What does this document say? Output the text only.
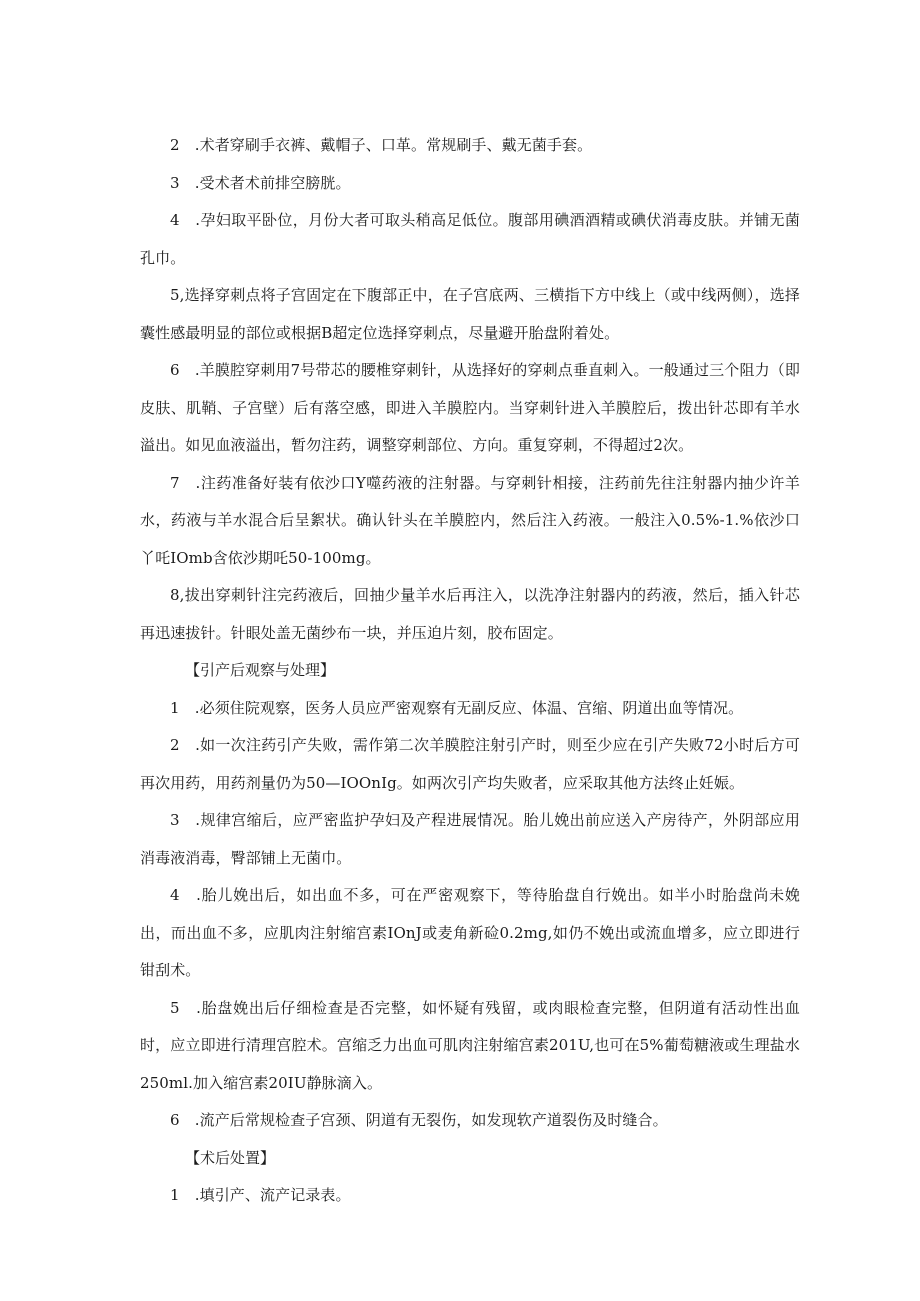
2　.术者穿刷手衣裤、戴帽子、口革。常规刷手、戴无菌手套。

3　.受术者术前排空膀胱。

4　.孕妇取平卧位，月份大者可取头稍高足低位。腹部用碘酒酒精或碘伏消毒皮肤。并铺无菌孔巾。

5,选择穿刺点将子宫固定在下腹部正中，在子宫底两、三横指下方中线上（或中线两侧），选择囊性感最明显的部位或根据B超定位选择穿刺点，尽量避开胎盘附着处。

6　.羊膜腔穿刺用7号带芯的腰椎穿刺针，从选择好的穿刺点垂直刺入。一般通过三个阻力（即皮肤、肌鞘、子宫壁）后有落空感，即进入羊膜腔内。当穿刺针进入羊膜腔后，拨出针芯即有羊水溢出。如见血液溢出，暂勿注药，调整穿刺部位、方向。重复穿刺，不得超过2次。

7　.注药准备好装有依沙口Y噬药液的注射器。与穿刺针相接，注药前先往注射器内抽少许羊水，药液与羊水混合后呈絮状。确认针头在羊膜腔内，然后注入药液。一般注入0.5%-1.%依沙口丫吒IOmb含依沙期吒50-100mg。

8,拔出穿刺针注完药液后，回抽少量羊水后再注入，以洗净注射器内的药液，然后，插入针芯再迅速拔针。针眼处盖无菌纱布一块，并压迫片刻，胶布固定。

【引产后观察与处理】

1　.必须住院观察，医务人员应严密观察有无副反应、体温、宫缩、阴道出血等情况。

2　.如一次注药引产失败，需作第二次羊膜腔注射引产时，则至少应在引产失败72小时后方可再次用药，用药剂量仍为50—IOOnIg。如两次引产均失败者，应采取其他方法终止妊娠。

3　.规律宫缩后，应严密监护孕妇及产程进展情况。胎儿娩出前应送入产房待产，外阴部应用消毒液消毒，臀部铺上无菌巾。

4　.胎儿娩出后，如出血不多，可在严密观察下，等待胎盘自行娩出。如半小时胎盘尚未娩出，而出血不多，应肌肉注射缩宫素IOnJ或麦角新硷0.2mg,如仍不娩出或流血增多，应立即进行钳刮术。

5　.胎盘娩出后仔细检查是否完整，如怀疑有残留，或肉眼检查完整，但阴道有活动性出血时，应立即进行清理宫腔术。宫缩乏力出血可肌肉注射缩宫素201U,也可在5%葡萄糖液或生理盐水250ml.加入缩宫素20IU静脉滴入。

6　.流产后常规检查子宫颈、阴道有无裂伤，如发现软产道裂伤及时缝合。

【术后处置】

1　.填引产、流产记录表。
